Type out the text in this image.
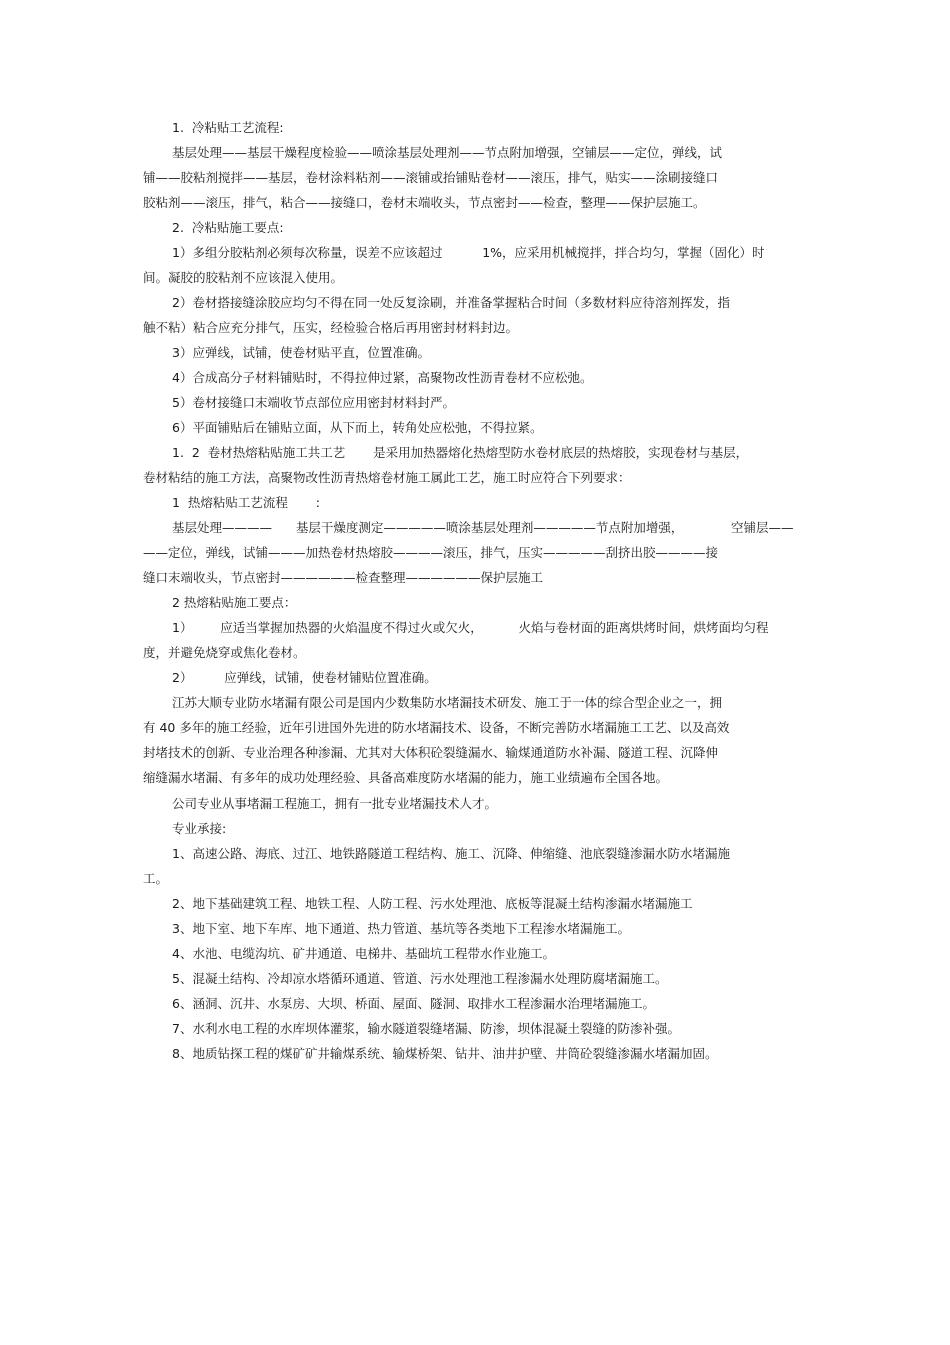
1.  冷粘贴工艺流程:
基层处理——基层干燥程度检验——喷涂基层处理剂——节点附加增强，空铺层——定位，弹线，试
铺——胶粘剂搅拌——基层，卷材涂料粘剂——滚铺或抬铺贴卷材——滚压，排气，贴实——涂刷接缝口
胶粘剂——滚压，排气，粘合——接缝口，卷材末端收头，节点密封——检查，整理——保护层施工。
2.  冷粘贴施工要点:
1）多组分胶粘剂必须每次称量，误差不应该超过          1%，应采用机械搅拌，拌合均匀，掌握（固化）时
间。凝胶的胶粘剂不应该混入使用。
2）卷材搭接缝涂胶应均匀不得在同一处反复涂刷，并准备掌握粘合时间（多数材料应待溶剂挥发，指
触不粘）粘合应充分排气，压实，经检验合格后再用密封材料封边。
3）应弹线，试铺，使卷材贴平直，位置准确。
4）合成高分子材料铺贴时，不得拉伸过紧，高聚物改性沥青卷材不应松弛。
5）卷材接缝口末端收节点部位应用密封材料封严。
6）平面铺贴后在铺贴立面，从下而上，转角处应松弛，不得拉紧。
1.  2  卷材热熔粘贴施工共工艺       是采用加热器熔化热熔型防水卷材底层的热熔胶，实现卷材与基层，
卷材粘结的施工方法，高聚物改性沥青热熔卷材施工属此工艺，施工时应符合下列要求：
1  热熔粘贴工艺流程       :
基层处理————      基层干燥度测定—————喷涂基层处理剂—————节点附加增强，            空铺层——
——定位，弹线，试铺———加热卷材热熔胶————滚压，排气，压实—————刮挤出胶————接
缝口末端收头，节点密封——————检查整理——————保护层施工
2 热熔粘贴施工要点：
1）       应适当掌握加热器的火焰温度不得过火或欠火，         火焰与卷材面的距离烘烤时间，烘烤面均匀程
度，并避免烧穿或焦化卷材。
2）        应弹线，试铺，使卷材铺贴位置准确。
江苏大顺专业防水堵漏有限公司是国内少数集防水堵漏技术研发、施工于一体的综合型企业之一，拥
有 40 多年的施工经验，近年引进国外先进的防水堵漏技术、设备，不断完善防水堵漏施工工艺、以及高效
封堵技术的创新、专业治理各种渗漏、尤其对大体积砼裂缝漏水、输煤通道防水补漏、隧道工程、沉降伸
缩缝漏水堵漏、有多年的成功处理经验、具备高难度防水堵漏的能力，施工业绩遍布全国各地。
公司专业从事堵漏工程施工，拥有一批专业堵漏技术人才。
专业承接:
1、高速公路、海底、过江、地铁路隧道工程结构、施工、沉降、伸缩缝、池底裂缝渗漏水防水堵漏施
工。
2、地下基础建筑工程、地铁工程、人防工程、污水处理池、底板等混凝土结构渗漏水堵漏施工
3、地下室、地下车库、地下通道、热力管道、基坑等各类地下工程渗水堵漏施工。
4、水池、电缆沟坑、矿井通道、电梯井、基础坑工程带水作业施工。
5、混凝土结构、冷却凉水塔循环通道、管道、污水处理池工程渗漏水处理防腐堵漏施工。
6、涵洞、沉井、水泵房、大坝、桥面、屋面、隧洞、取排水工程渗漏水治理堵漏施工。
7、水利水电工程的水库坝体灌浆，输水隧道裂缝堵漏、防渗，坝体混凝土裂缝的防渗补强。
8、地质钻探工程的煤矿矿井输煤系统、输煤桥架、钻井、油井护壁、井筒砼裂缝渗漏水堵漏加固。
